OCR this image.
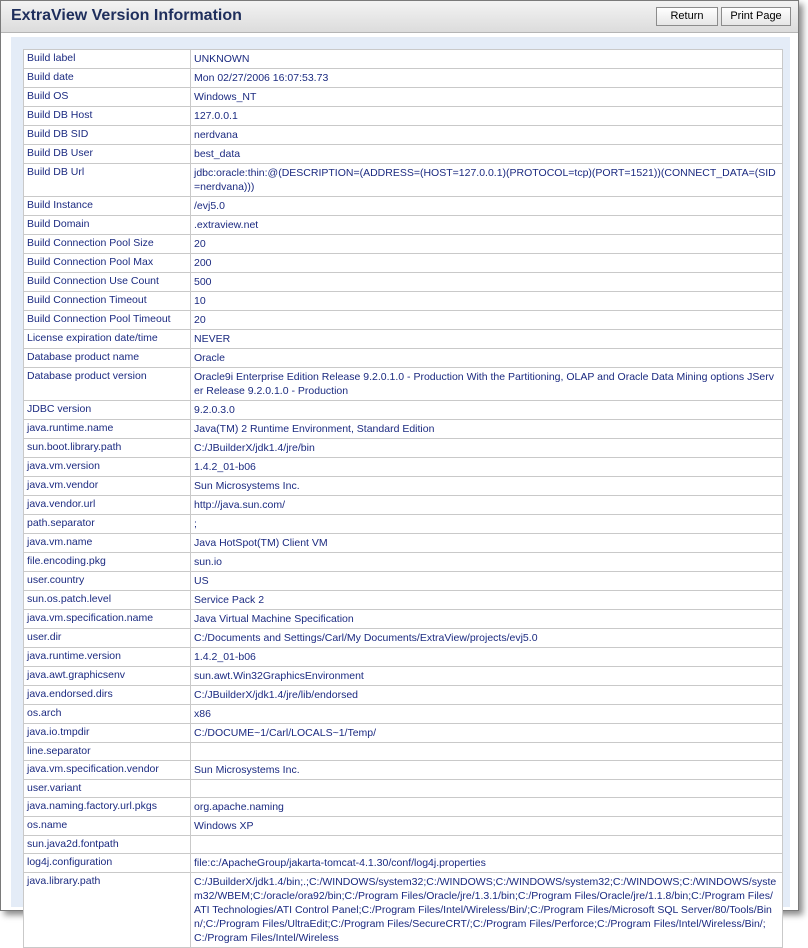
ExtraView Version Information	Return	Print Page
Build label	UNKNOWN
Build date	Mon 02/27/2006 16:07:53.73
Build OS	Windows_NT
Build DB Host	127.0.0.1
Build DB SID	nerdvana
Build DB User	best_data
Build DB Url	jdbc:oracle:thin:@(DESCRIPTION=(ADDRESS=(HOST=127.0.0.1)(PROTOCOL=tcp)(PORT=1521))(CONNECT_DATA=(SID=nerdvana)))
Build Instance	/evj5.0
Build Domain	.extraview.net
Build Connection Pool Size	20
Build Connection Pool Max	200
Build Connection Use Count	500
Build Connection Timeout	10
Build Connection Pool Timeout	20
License expiration date/time	NEVER
Database product name	Oracle
Database product version	Oracle9i Enterprise Edition Release 9.2.0.1.0 - Production With the Partitioning, OLAP and Oracle Data Mining options JServer Release 9.2.0.1.0 - Production
JDBC version	9.2.0.3.0
java.runtime.name	Java(TM) 2 Runtime Environment, Standard Edition
sun.boot.library.path	C:/JBuilderX/jdk1.4/jre/bin
java.vm.version	1.4.2_01-b06
java.vm.vendor	Sun Microsystems Inc.
java.vendor.url	http://java.sun.com/
path.separator	;
java.vm.name	Java HotSpot(TM) Client VM
file.encoding.pkg	sun.io
user.country	US
sun.os.patch.level	Service Pack 2
java.vm.specification.name	Java Virtual Machine Specification
user.dir	C:/Documents and Settings/Carl/My Documents/ExtraView/projects/evj5.0
java.runtime.version	1.4.2_01-b06
java.awt.graphicsenv	sun.awt.Win32GraphicsEnvironment
java.endorsed.dirs	C:/JBuilderX/jdk1.4/jre/lib/endorsed
os.arch	x86
java.io.tmpdir	C:/DOCUME~1/Carl/LOCALS~1/Temp/
line.separator
java.vm.specification.vendor	Sun Microsystems Inc.
user.variant
java.naming.factory.url.pkgs	org.apache.naming
os.name	Windows XP
sun.java2d.fontpath
log4j.configuration	file:c:/ApacheGroup/jakarta-tomcat-4.1.30/conf/log4j.properties
java.library.path	C:/JBuilderX/jdk1.4/bin;.;C:/WINDOWS/system32;C:/WINDOWS;C:/WINDOWS/system32;C:/WINDOWS;C:/WINDOWS/system32/WBEM;C:/oracle/ora92/bin;C:/Program Files/Oracle/jre/1.3.1/bin;C:/Program Files/Oracle/jre/1.1.8/bin;C:/Program Files/ATI Technologies/ATI Control Panel;C:/Program Files/Intel/Wireless/Bin/;C:/Program Files/Microsoft SQL Server/80/Tools/Binn/;C:/Program Files/UltraEdit;C:/Program Files/SecureCRT/;C:/Program Files/Perforce;C:/Program Files/Intel/Wireless/Bin/;C:/Program Files/Intel/Wireless
